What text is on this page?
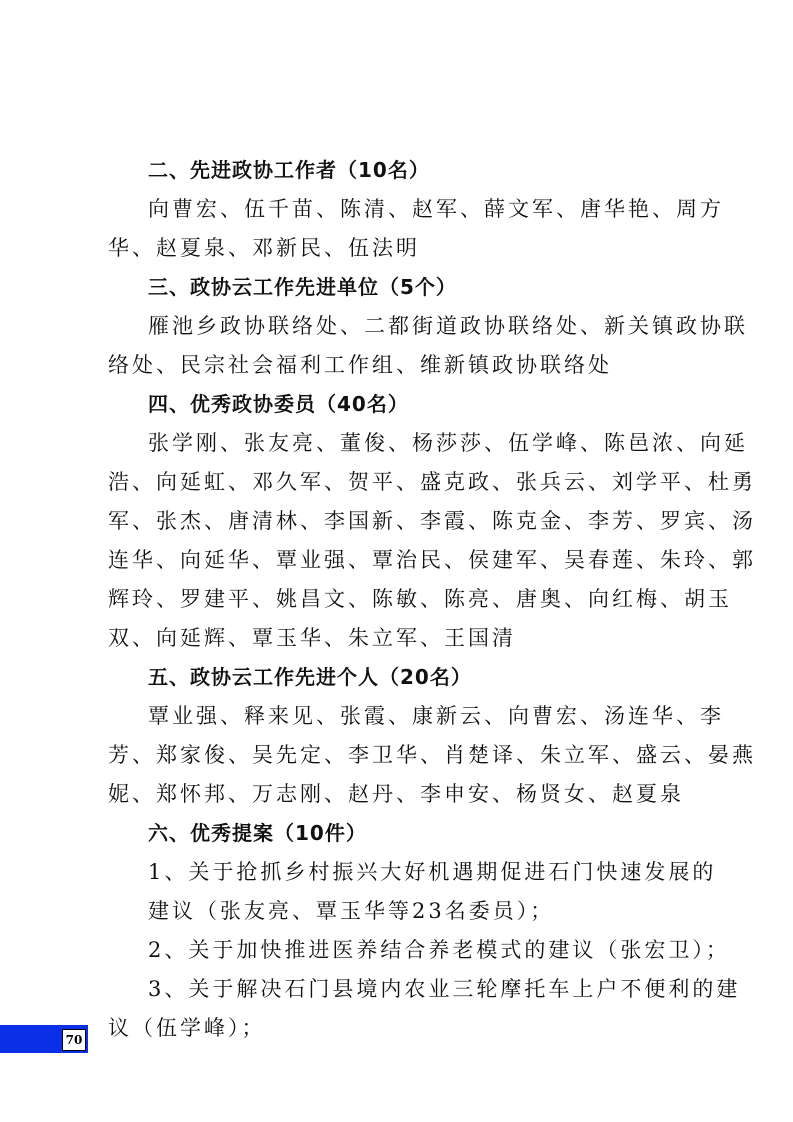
二、先进政协工作者（10名）
向曹宏、伍千苗、陈清、赵军、薛文军、唐华艳、周方
华、赵夏泉、邓新民、伍法明
三、政协云工作先进单位（5个）
雁池乡政协联络处、二都街道政协联络处、新关镇政协联
络处、民宗社会福利工作组、维新镇政协联络处
四、优秀政协委员（40名）
张学刚、张友亮、董俊、杨莎莎、伍学峰、陈邑浓、向延
浩、向延虹、邓久军、贺平、盛克政、张兵云、刘学平、杜勇
军、张杰、唐清林、李国新、李霞、陈克金、李芳、罗宾、汤
连华、向延华、覃业强、覃治民、侯建军、吴春莲、朱玲、郭
辉玲、罗建平、姚昌文、陈敏、陈亮、唐奥、向红梅、胡玉
双、向延辉、覃玉华、朱立军、王国清
五、政协云工作先进个人（20名）
覃业强、释来见、张霞、康新云、向曹宏、汤连华、李
芳、郑家俊、吴先定、李卫华、肖楚译、朱立军、盛云、晏燕
妮、郑怀邦、万志刚、赵丹、李申安、杨贤女、赵夏泉
六、优秀提案（10件）
1、关于抢抓乡村振兴大好机遇期促进石门快速发展的
建议（张友亮、覃玉华等23名委员）；
2、关于加快推进医养结合养老模式的建议（张宏卫）；
3、关于解决石门县境内农业三轮摩托车上户不便利的建
议（伍学峰）；
70
